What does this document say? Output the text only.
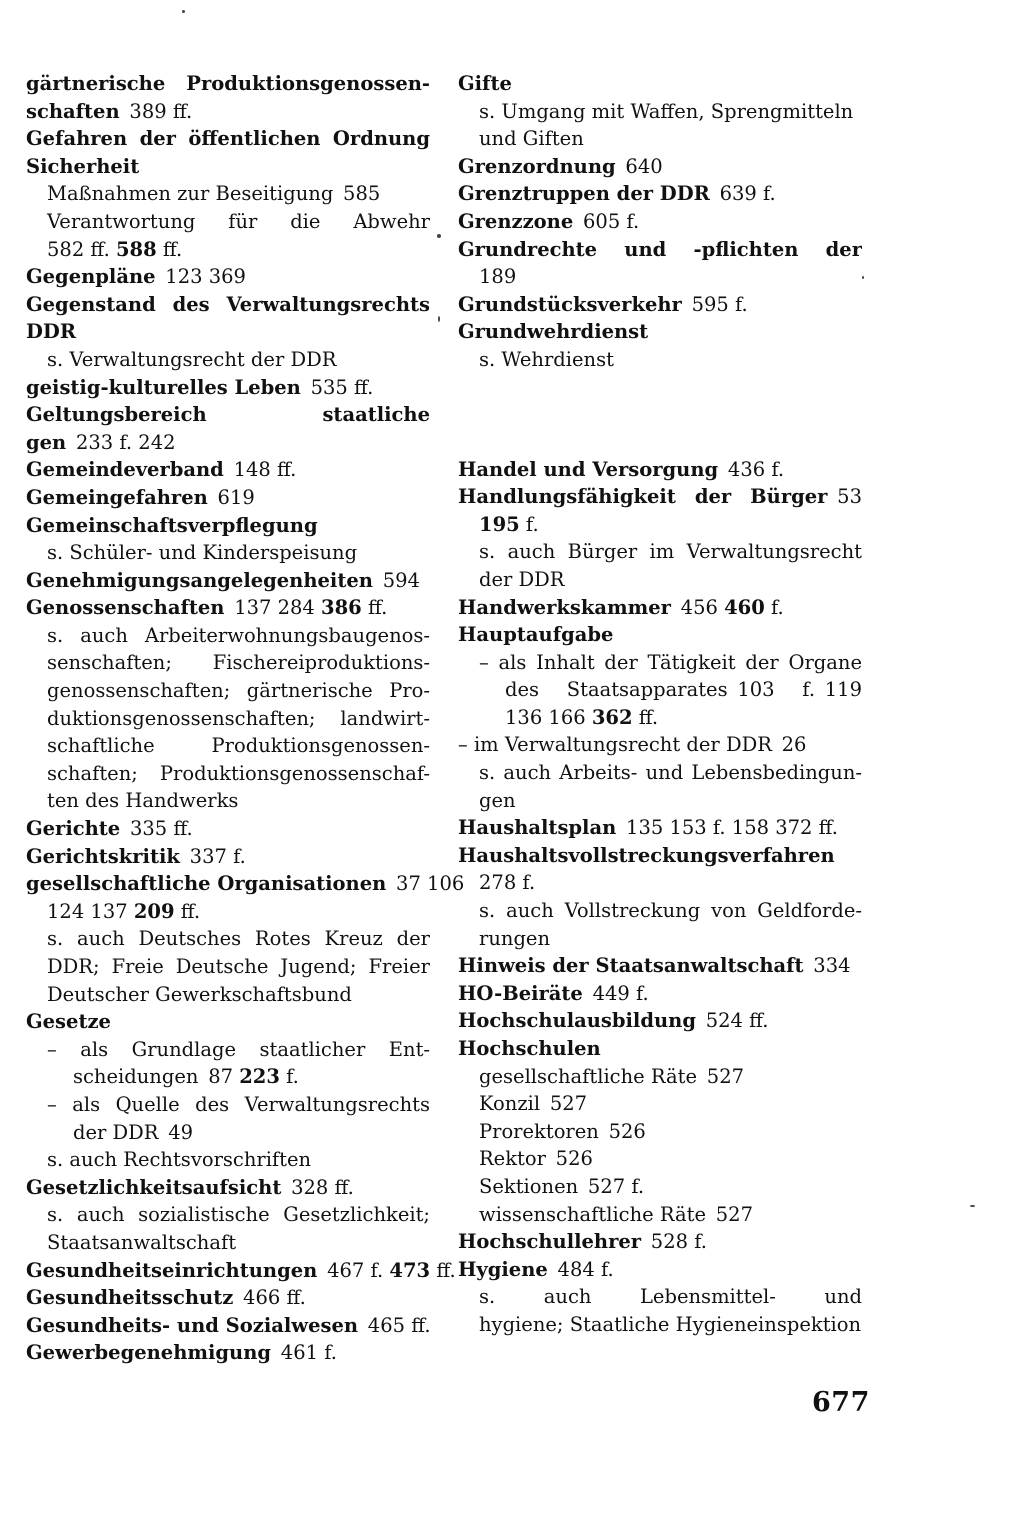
gärtnerische Produktionsgenossen-
schaften 389 ff.
Gefahren der öffentlichen Ordnung
Sicherheit
Maßnahmen zur Beseitigung 585
Verantwortung für die Abwehr
582 ff. 588 ff.
Gegenpläne 123 369
Gegenstand des Verwaltungsrechts
DDR
s. Verwaltungsrecht der DDR
geistig-kulturelles Leben 535 ff.
Geltungsbereich staatliche
gen 233 f. 242
Gemeindeverband 148 ff.
Gemeingefahren 619
Gemeinschaftsverpflegung
s. Schüler- und Kinderspeisung
Genehmigungsangelegenheiten 594
Genossenschaften 137 284 386 ff.
s. auch Arbeiterwohnungsbaugenos-
senschaften; Fischereiproduktions-
genossenschaften; gärtnerische Pro-
duktionsgenossenschaften; landwirt-
schaftliche Produktionsgenossen-
schaften; Produktionsgenossenschaf-
ten des Handwerks
Gerichte 335 ff.
Gerichtskritik 337 f.
gesellschaftliche Organisationen 37 106
124 137 209 ff.
s. auch Deutsches Rotes Kreuz der
DDR; Freie Deutsche Jugend; Freier
Deutscher Gewerkschaftsbund
Gesetze
– als Grundlage staatlicher Ent-
scheidungen 87 223 f.
– als Quelle des Verwaltungsrechts
der DDR 49
s. auch Rechtsvorschriften
Gesetzlichkeitsaufsicht 328 ff.
s. auch sozialistische Gesetzlichkeit;
Staatsanwaltschaft
Gesundheitseinrichtungen 467 f. 473 ff.
Gesundheitsschutz 466 ff.
Gesundheits- und Sozialwesen 465 ff.
Gewerbegenehmigung 461 f.
Gifte
s. Umgang mit Waffen, Sprengmitteln
und Giften
Grenzordnung 640
Grenztruppen der DDR 639 f.
Grenzzone 605 f.
Grundrechte und -pflichten der
189
Grundstücksverkehr 595 f.
Grundwehrdienst
s. Wehrdienst
Handel und Versorgung 436 f.
Handlungsfähigkeit der Bürger 53
195 f.
s. auch Bürger im Verwaltungsrecht
der DDR
Handwerkskammer 456 460 f.
Hauptaufgabe
– als Inhalt der Tätigkeit der Organe
des Staatsapparates 103 f. 119
136 166 362 ff.
– im Verwaltungsrecht der DDR 26
s. auch Arbeits- und Lebensbedingun-
gen
Haushaltsplan 135 153 f. 158 372 ff.
Haushaltsvollstreckungsverfahren
278 f.
s. auch Vollstreckung von Geldforde-
rungen
Hinweis der Staatsanwaltschaft 334
HO-Beiräte 449 f.
Hochschulausbildung 524 ff.
Hochschulen
gesellschaftliche Räte 527
Konzil 527
Prorektoren 526
Rektor 526
Sektionen 527 f.
wissenschaftliche Räte 527
Hochschullehrer 528 f.
Hygiene 484 f.
s. auch Lebensmittel- und
hygiene; Staatliche Hygieneinspektion
677
